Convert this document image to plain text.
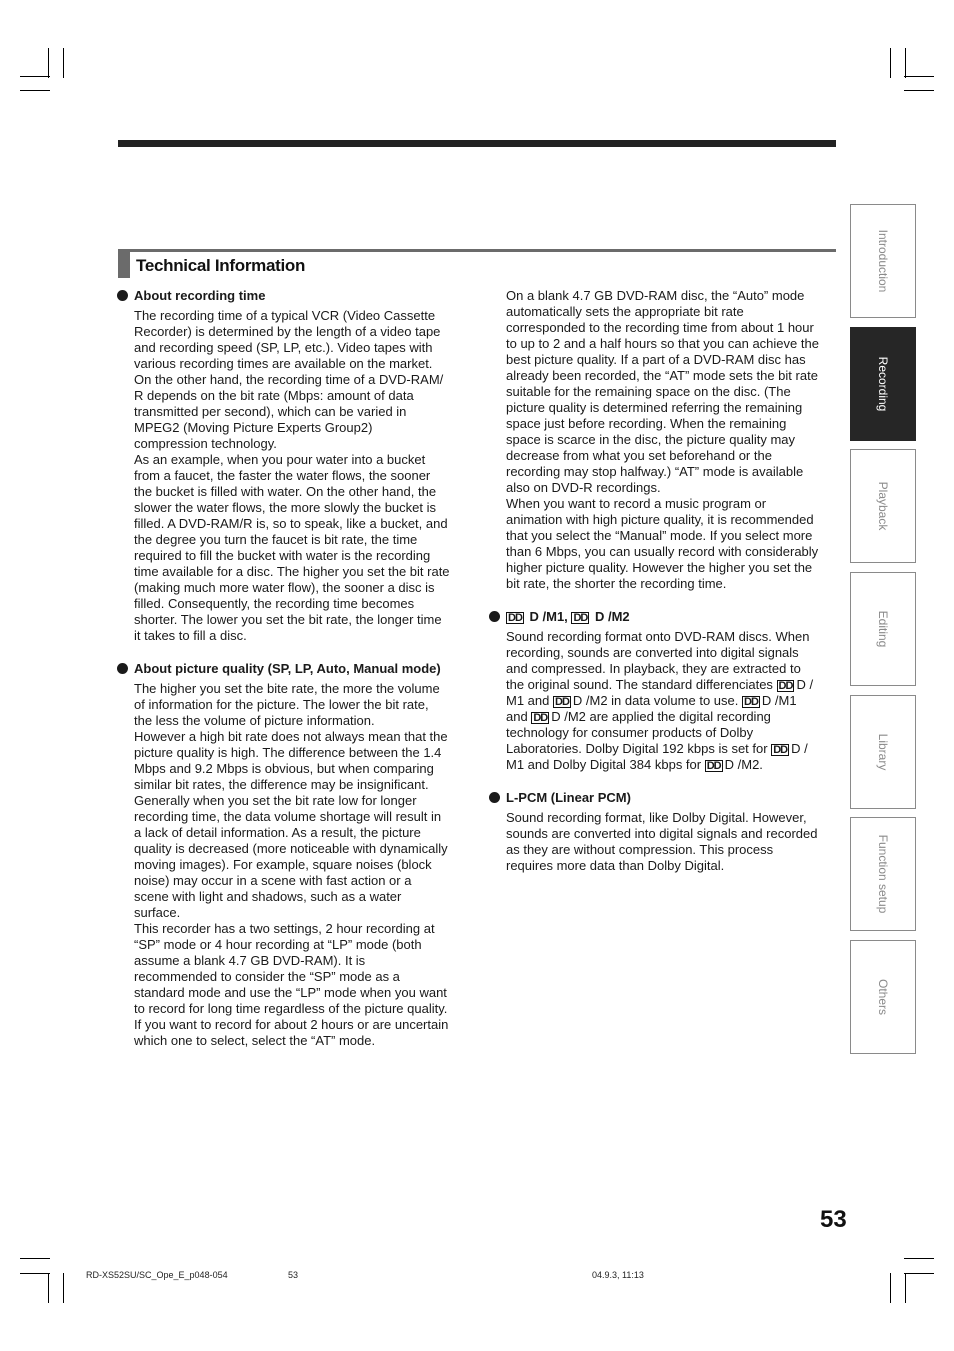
Technical Information
About recording time

The recording time of a typical VCR (Video Cassette

Recorder) is determined by the length of a video tape

and recording speed (SP, LP, etc.). Video tapes with

various recording times are available on the market.

On the other hand, the recording time of a DVD-RAM/

R depends on the bit rate (Mbps: amount of data

transmitted per second), which can be varied in

MPEG2 (Moving Picture Experts Group2)

compression technology.

As an example, when you pour water into a bucket

from a faucet, the faster the water flows, the sooner

the bucket is filled with water. On the other hand, the

slower the water flows, the more slowly the bucket is

filled. A DVD-RAM/R is, so to speak, like a bucket, and

the degree you turn the faucet is bit rate, the time

required to fill the bucket with water is the recording

time available for a disc. The higher you set the bit rate

(making much more water flow), the sooner a disc is

filled. Consequently, the recording time becomes

shorter. The lower you set the bit rate, the longer time

it takes to fill a disc.

About picture quality (SP, LP, Auto, Manual mode)

The higher you set the bite rate, the more the volume

of information for the picture. The lower the bit rate,

the less the volume of picture information.

However a high bit rate does not always mean that the

picture quality is high. The difference between the 1.4

Mbps and 9.2 Mbps is obvious, but when comparing

similar bit rates, the difference may be insignificant.

Generally when you set the bit rate low for longer

recording time, the data volume shortage will result in

a lack of detail information. As a result, the picture

quality is decreased (more noticeable with dynamically

moving images). For example, square noises (block

noise) may occur in a scene with fast action or a

scene with light and shadows, such as a water

surface.

This recorder has a two settings, 2 hour recording at

“SP” mode or 4 hour recording at “LP” mode (both

assume a blank 4.7 GB DVD-RAM). It is

recommended to consider the “SP” mode as a

standard mode and use the “LP” mode when you want

to record for long time regardless of the picture quality.

If you want to record for about 2 hours or are uncertain

which one to select, select the “AT” mode.

On a blank 4.7 GB DVD-RAM disc, the “Auto” mode

automatically sets the appropriate bit rate

corresponded to the recording time from about 1 hour

to up to 2 and a half hours so that you can achieve the

best picture quality. If a part of a DVD-RAM disc has

already been recorded, the “AT” mode sets the bit rate

suitable for the remaining space on the disc. (The

picture quality is determined referring the remaining

space just before recording. When the remaining

space is scarce in the disc, the picture quality may

decrease from what you set beforehand or the

recording may stop halfway.) “AT” mode is available

also on DVD-R recordings.

When you want to record a music program or

animation with high picture quality, it is recommended

that you select the “Manual” mode. If you select more

than 6 Mbps, you can usually record with considerably

higher picture quality. However the higher you set the

bit rate, the shorter the recording time.

DD D /M1, DD D /M2

Sound recording format onto DVD-RAM discs. When

recording, sounds are converted into digital signals

and compressed. In playback, they are extracted to

the original sound. The standard differenciates DD D /

M1 and DD D /M2 in data volume to use. DD D /M1

and DD D /M2 are applied the digital recording

technology for consumer products of Dolby

Laboratories. Dolby Digital 192 kbps is set for DD D /

M1 and Dolby Digital 384 kbps for DD D /M2.

L-PCM (Linear PCM)

Sound recording format, like Dolby Digital. However,

sounds are converted into digital signals and recorded

as they are without compression. This process

requires more data than Dolby Digital.

Introduction
Recording
Playback
Editing
Library
Function setup
Others
53
RD-XS52SU/SC_Ope_E_p048-054	53	04.9.3, 11:13
